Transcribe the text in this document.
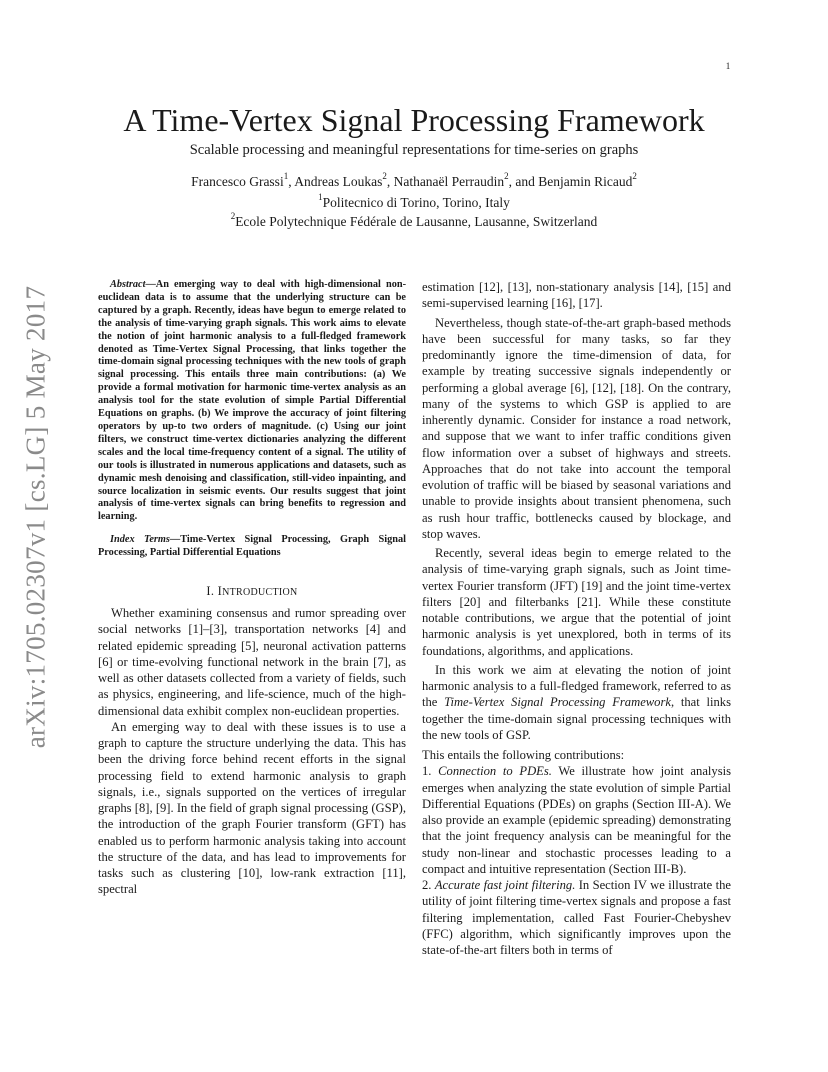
1
arXiv:1705.02307v1 [cs.LG] 5 May 2017
A Time-Vertex Signal Processing Framework
Scalable processing and meaningful representations for time-series on graphs
Francesco Grassi$^1$, Andreas Loukas$^2$, Nathanaël Perraudin$^2$, and Benjamin Ricaud$^2$
$^1$Politecnico di Torino, Torino, Italy
$^2$Ecole Polytechnique Fédérale de Lausanne, Lausanne, Switzerland

Abstract—An emerging way to deal with high-dimensional non-euclidean data is to assume that the underlying structure can be captured by a graph. Recently, ideas have begun to emerge related to the analysis of time-varying graph signals. This work aims to elevate the notion of joint harmonic analysis to a full-fledged framework denoted as Time-Vertex Signal Processing, that links together the time-domain signal processing techniques with the new tools of graph signal processing. This entails three main contributions: (a) We provide a formal motivation for harmonic time-vertex analysis as an analysis tool for the state evolution of simple Partial Differential Equations on graphs. (b) We improve the accuracy of joint filtering operators by up-to two orders of magnitude. (c) Using our joint filters, we construct time-vertex dictionaries analyzing the different scales and the local time-frequency content of a signal. The utility of our tools is illustrated in numerous applications and datasets, such as dynamic mesh denoising and classification, still-video inpainting, and source localization in seismic events. Our results suggest that joint analysis of time-vertex signals can bring benefits to regression and learning.

Index Terms—Time-Vertex Signal Processing, Graph Signal Processing, Partial Differential Equations

I. INTRODUCTION

Whether examining consensus and rumor spreading over social networks [1]–[3], transportation networks [4] and related epidemic spreading [5], neuronal activation patterns [6] or time-evolving functional network in the brain [7], as well as other datasets collected from a variety of fields, such as physics, engineering, and life-science, much of the high-dimensional data exhibit complex non-euclidean properties.

An emerging way to deal with these issues is to use a graph to capture the structure underlying the data. This has been the driving force behind recent efforts in the signal processing field to extend harmonic analysis to graph signals, i.e., signals supported on the vertices of irregular graphs [8], [9]. In the field of graph signal processing (GSP), the introduction of the graph Fourier transform (GFT) has enabled us to perform harmonic analysis taking into account the structure of the data, and has lead to improvements for tasks such as clustering [10], low-rank extraction [11], spectral

estimation [12], [13], non-stationary analysis [14], [15] and semi-supervised learning [16], [17].

Nevertheless, though state-of-the-art graph-based methods have been successful for many tasks, so far they predominantly ignore the time-dimension of data, for example by treating successive signals independently or performing a global average [6], [12], [18]. On the contrary, many of the systems to which GSP is applied to are inherently dynamic. Consider for instance a road network, and suppose that we want to infer traffic conditions given flow information over a subset of highways and streets. Approaches that do not take into account the temporal evolution of traffic will be biased by seasonal variations and unable to provide insights about transient phenomena, such as rush hour traffic, bottlenecks caused by blockage, and stop waves.

Recently, several ideas begin to emerge related to the analysis of time-varying graph signals, such as Joint time-vertex Fourier transform (JFT) [19] and the joint time-vertex filters [20] and filterbanks [21]. While these constitute notable contributions, we argue that the potential of joint harmonic analysis is yet unexplored, both in terms of its foundations, algorithms, and applications.

In this work we aim at elevating the notion of joint harmonic analysis to a full-fledged framework, referred to as the Time-Vertex Signal Processing Framework, that links together the time-domain signal processing techniques with the new tools of GSP.

This entails the following contributions:

1. Connection to PDEs. We illustrate how joint analysis emerges when analyzing the state evolution of simple Partial Differential Equations (PDEs) on graphs (Section III-A). We also provide an example (epidemic spreading) demonstrating that the joint frequency analysis can be meaningful for the study non-linear and stochastic processes leading to a compact and intuitive representation (Section III-B).

2. Accurate fast joint filtering. In Section IV we illustrate the utility of joint filtering time-vertex signals and propose a fast filtering implementation, called Fast Fourier-Chebyshev (FFC) algorithm, which significantly improves upon the state-of-the-art filters both in terms of
